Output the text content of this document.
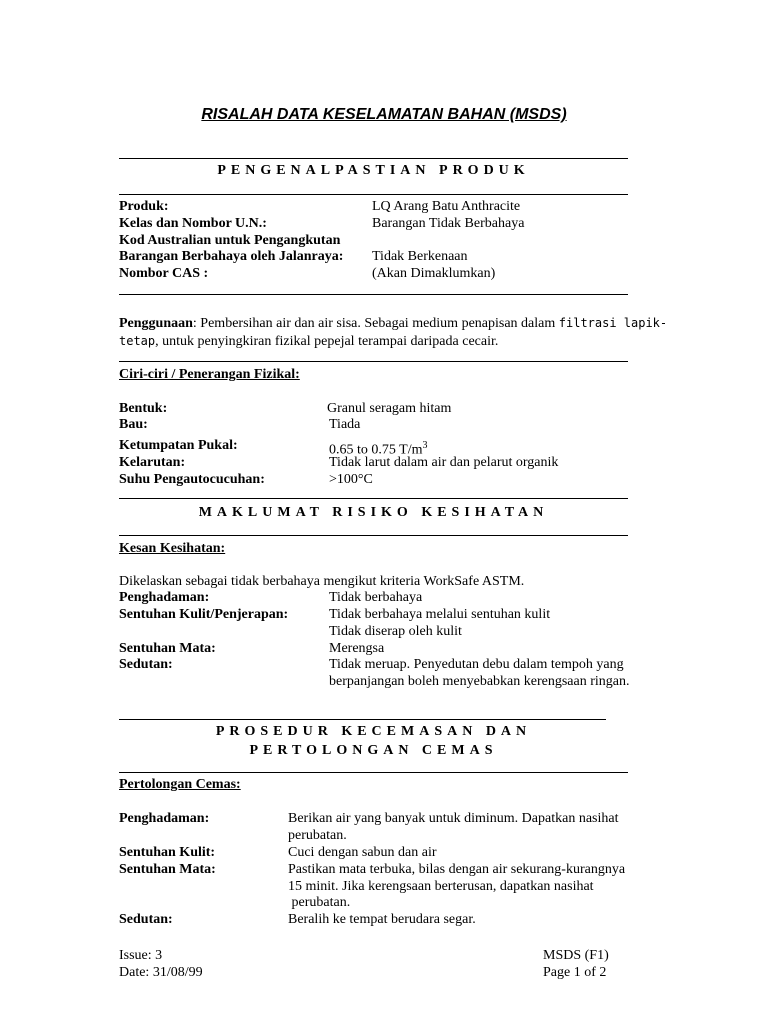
RISALAH DATA KESELAMATAN BAHAN (MSDS)
PENGENALPASTIAN PRODUK
Produk:	LQ Arang Batu Anthracite
Kelas dan Nombor U.N.:	Barangan Tidak Berbahaya
Kod Australian untuk Pengangkutan
Barangan Berbahaya oleh Jalanraya: Tidak Berkenaan
Nombor CAS :	(Akan Dimaklumkan)
Penggunaan: Pembersihan air dan air sisa. Sebagai medium penapisan dalam filtrasi lapik-
tetap, untuk penyingkiran fizikal pepejal terampai daripada cecair.
Ciri-ciri / Penerangan Fizikal:
Bentuk:	Granul seragam hitam
Bau:	Tiada
Ketumpatan Pukal:	0.65 to 0.75 $T/m^3$
Kelarutan:	Tidak larut dalam air dan pelarut organik
Suhu Pengautocucuhan:	>100°C
MAKLUMAT RISIKO KESIHATAN
Kesan Kesihatan:
Dikelaskan sebagai tidak berbahaya mengikut kriteria WorkSafe ASTM.
Penghadaman:	Tidak berbahaya
Sentuhan Kulit/Penjerapan:	Tidak berbahaya melalui sentuhan kulit
Tidak diserap oleh kulit
Sentuhan Mata:	Merengsa
Sedutan:	Tidak meruap. Penyedutan debu dalam tempoh yang
berpanjangan boleh menyebabkan kerengsaan ringan.
PROSEDUR KECEMASAN DAN
PERTOLONGAN CEMAS
Pertolongan Cemas:
Penghadaman:	Berikan air yang banyak untuk diminum. Dapatkan nasihat
perubatan.
Sentuhan Kulit:	Cuci dengan sabun dan air
Sentuhan Mata:	Pastikan mata terbuka, bilas dengan air sekurang-kurangnya
15 minit. Jika kerengsaan berterusan, dapatkan nasihat
perubatan.
Sedutan:	Beralih ke tempat berudara segar.
Issue: 3
Date: 31/08/99
MSDS (F1)
Page 1 of 2
